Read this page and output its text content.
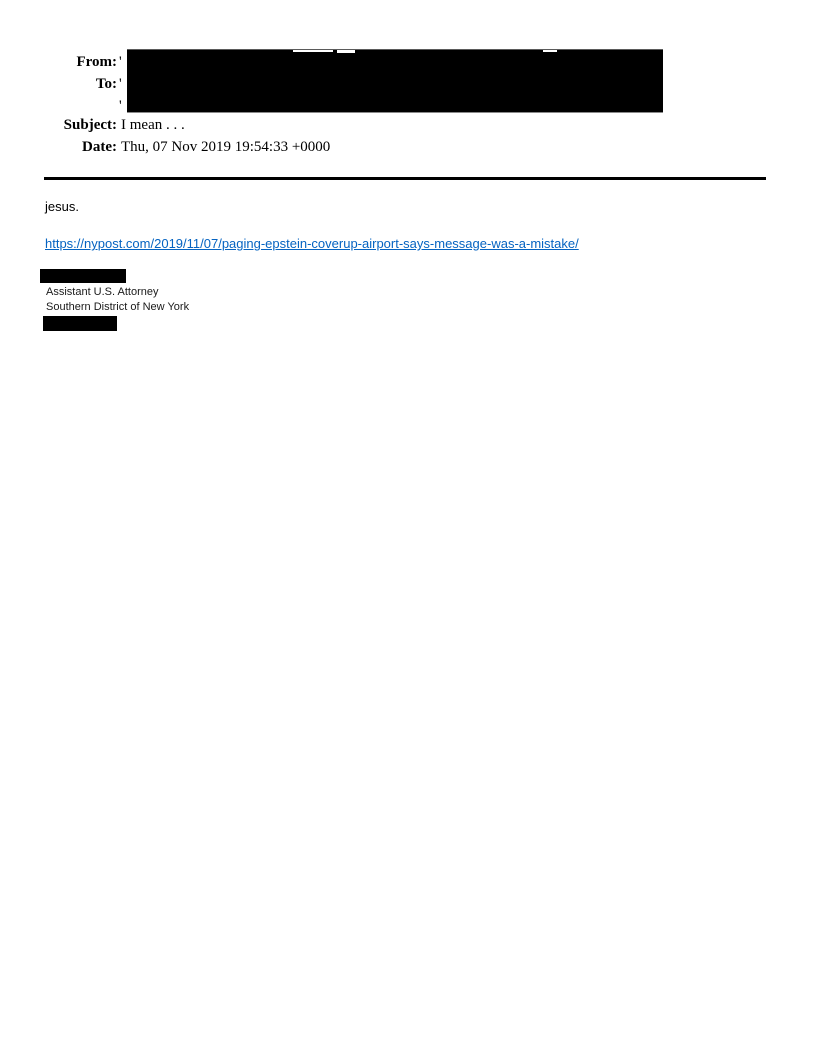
From:
To:
Subject:
Date:
'
'
'
I mean . . .
Thu, 07 Nov 2019 19:54:33 +0000
jesus.
https://nypost.com/2019/11/07/paging-epstein-coverup-airport-says-message-was-a-mistake/
Assistant U.S. Attorney
Southern District of New York
